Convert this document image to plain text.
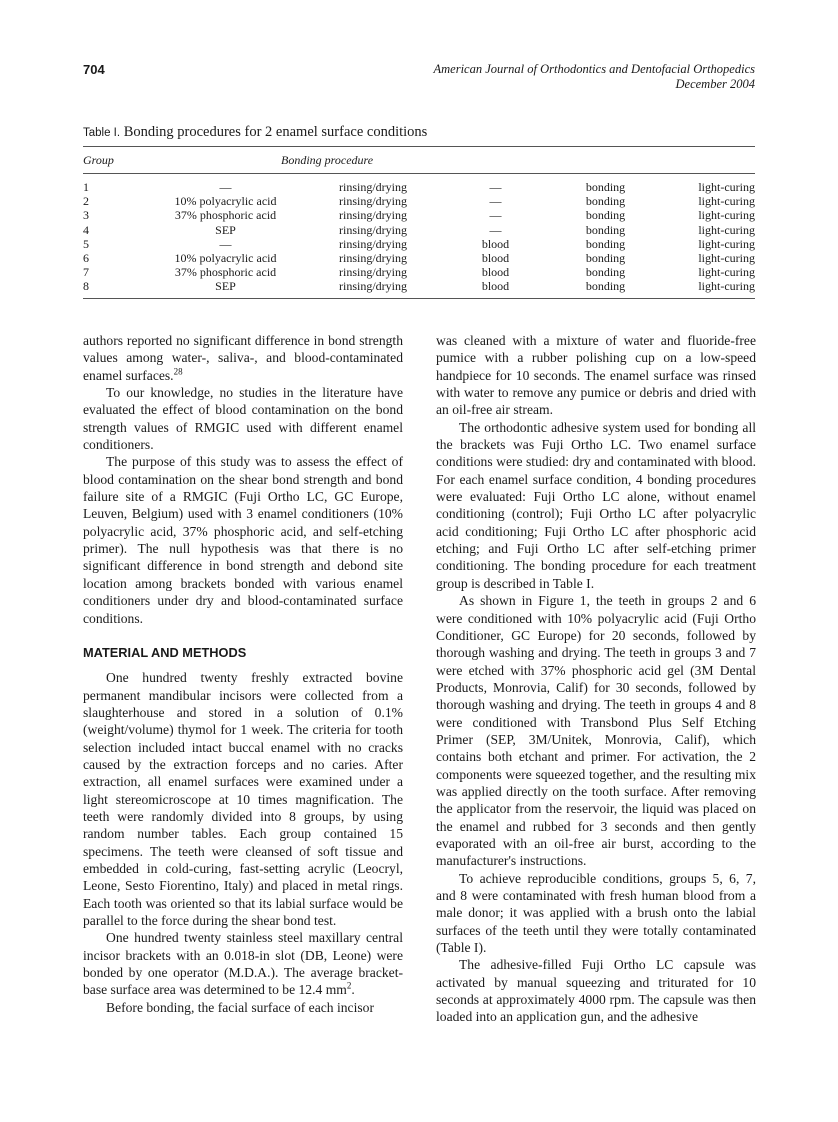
704	American Journal of Orthodontics and Dentofacial Orthopedics
December 2004
Table I. Bonding procedures for 2 enamel surface conditions
Group	Bonding procedure				
1	—	rinsing/drying	—	bonding	light-curing
2	10% polyacrylic acid	rinsing/drying	—	bonding	light-curing
3	37% phosphoric acid	rinsing/drying	—	bonding	light-curing
4	SEP	rinsing/drying	—	bonding	light-curing
5	—	rinsing/drying	blood	bonding	light-curing
6	10% polyacrylic acid	rinsing/drying	blood	bonding	light-curing
7	37% phosphoric acid	rinsing/drying	blood	bonding	light-curing
8	SEP	rinsing/drying	blood	bonding	light-curing

authors reported no significant difference in bond strength values among water-, saliva-, and blood-contaminated enamel surfaces.$^{28}$

To our knowledge, no studies in the literature have evaluated the effect of blood contamination on the bond strength values of RMGIC used with different enamel conditioners.

The purpose of this study was to assess the effect of blood contamination on the shear bond strength and bond failure site of a RMGIC (Fuji Ortho LC, GC Europe, Leuven, Belgium) used with 3 enamel conditioners (10% polyacrylic acid, 37% phosphoric acid, and self-etching primer). The null hypothesis was that there is no significant difference in bond strength and debond site location among brackets bonded with various enamel conditioners under dry and blood-contaminated surface conditions.

MATERIAL AND METHODS

One hundred twenty freshly extracted bovine permanent mandibular incisors were collected from a slaughterhouse and stored in a solution of 0.1% (weight/volume) thymol for 1 week. The criteria for tooth selection included intact buccal enamel with no cracks caused by the extraction forceps and no caries. After extraction, all enamel surfaces were examined under a light stereomicroscope at 10 times magnification. The teeth were randomly divided into 8 groups, by using random number tables. Each group contained 15 specimens. The teeth were cleansed of soft tissue and embedded in cold-curing, fast-setting acrylic (Leocryl, Leone, Sesto Fiorentino, Italy) and placed in metal rings. Each tooth was oriented so that its labial surface would be parallel to the force during the shear bond test.

One hundred twenty stainless steel maxillary central incisor brackets with an 0.018-in slot (DB, Leone) were bonded by one operator (M.D.A.). The average bracket-base surface area was determined to be 12.4 $mm^2$.

Before bonding, the facial surface of each incisor

was cleaned with a mixture of water and fluoride-free pumice with a rubber polishing cup on a low-speed handpiece for 10 seconds. The enamel surface was rinsed with water to remove any pumice or debris and dried with an oil-free air stream.

The orthodontic adhesive system used for bonding all the brackets was Fuji Ortho LC. Two enamel surface conditions were studied: dry and contaminated with blood. For each enamel surface condition, 4 bonding procedures were evaluated: Fuji Ortho LC alone, without enamel conditioning (control); Fuji Ortho LC after polyacrylic acid conditioning; Fuji Ortho LC after phosphoric acid etching; and Fuji Ortho LC after self-etching primer conditioning. The bonding procedure for each treatment group is described in Table I.

As shown in Figure 1, the teeth in groups 2 and 6 were conditioned with 10% polyacrylic acid (Fuji Ortho Conditioner, GC Europe) for 20 seconds, followed by thorough washing and drying. The teeth in groups 3 and 7 were etched with 37% phosphoric acid gel (3M Dental Products, Monrovia, Calif) for 30 seconds, followed by thorough washing and drying. The teeth in groups 4 and 8 were conditioned with Transbond Plus Self Etching Primer (SEP, 3M/Unitek, Monrovia, Calif), which contains both etchant and primer. For activation, the 2 components were squeezed together, and the resulting mix was applied directly on the tooth surface. After removing the applicator from the reservoir, the liquid was placed on the enamel and rubbed for 3 seconds and then gently evaporated with an oil-free air burst, according to the manufacturer's instructions.

To achieve reproducible conditions, groups 5, 6, 7, and 8 were contaminated with fresh human blood from a male donor; it was applied with a brush onto the labial surfaces of the teeth until they were totally contaminated (Table I).

The adhesive-filled Fuji Ortho LC capsule was activated by manual squeezing and triturated for 10 seconds at approximately 4000 rpm. The capsule was then loaded into an application gun, and the adhesive
